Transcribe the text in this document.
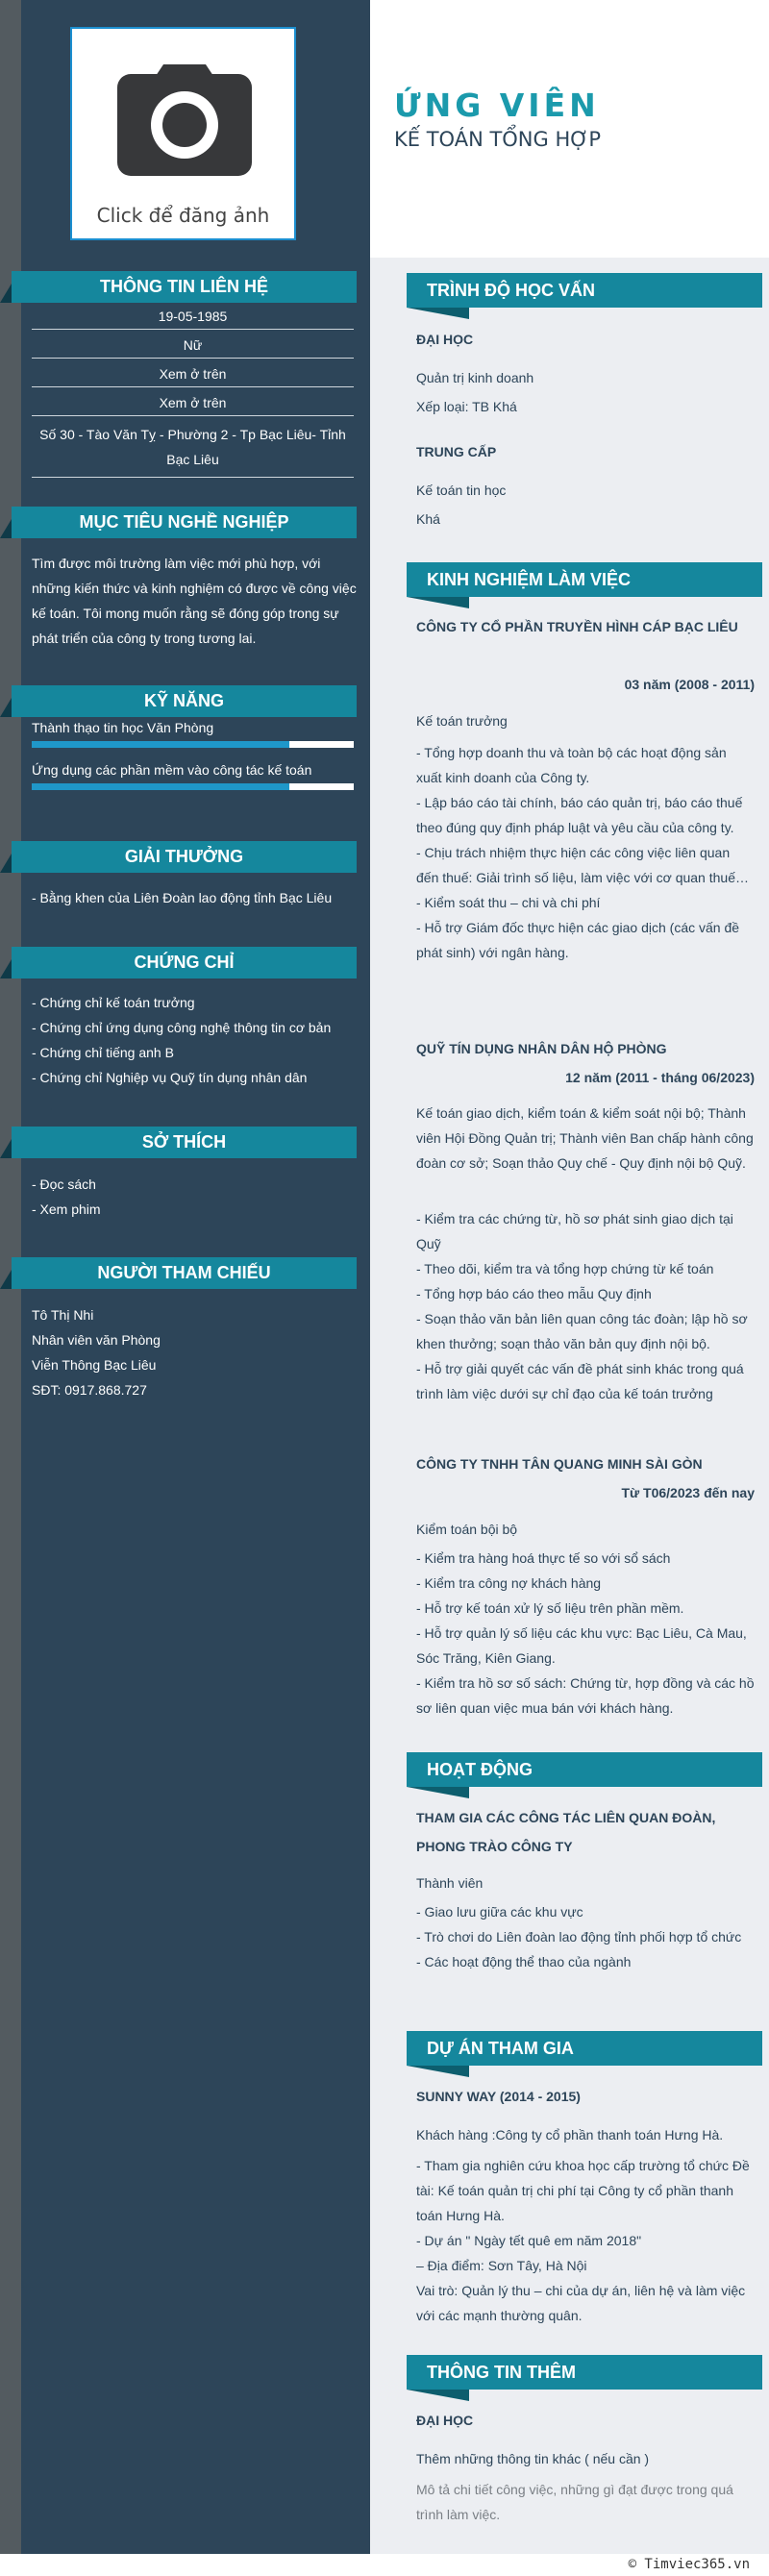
Click để đăng ảnh
THÔNG TIN LIÊN HỆ
19-05-1985
Nữ
Xem ở trên
Xem ở trên
Số 30 - Tào Văn Tỵ - Phường 2 - Tp Bạc Liêu- Tỉnh Bạc Liêu
MỤC TIÊU NGHỀ NGHIỆP
Tìm được môi trường làm việc mới phù hợp, với những kiến thức và kinh nghiệm có được về công việc kế toán. Tôi mong muốn rằng sẽ đóng góp trong sự phát triển của công ty trong tương lai.
KỸ NĂNG
Thành thạo tin học Văn Phòng
Ứng dụng các phần mềm vào công tác kế toán
GIẢI THƯỞNG
- Bằng khen của Liên Đoàn lao động tỉnh Bạc Liêu
CHỨNG CHỈ
- Chứng chỉ kế toán trưởng
- Chứng chỉ ứng dụng công nghệ thông tin cơ bản
- Chứng chỉ tiếng anh B
- Chứng chỉ Nghiệp vụ Quỹ tín dụng nhân dân
SỞ THÍCH
- Đọc sách
- Xem phim
NGƯỜI THAM CHIẾU
Tô Thị Nhi
Nhân viên văn Phòng
Viễn Thông Bạc Liêu
SĐT: 0917.868.727
ỨNG VIÊN
KẾ TOÁN TỔNG HỢP
TRÌNH ĐỘ HỌC VẤN
ĐẠI HỌC
Quản trị kinh doanh
Xếp loại: TB Khá
TRUNG CẤP
Kế toán tin học
Khá
KINH NGHIỆM LÀM VIỆC
CÔNG TY CỔ PHẦN TRUYỀN HÌNH CÁP BẠC LIÊU
03 năm (2008 - 2011)
Kế toán trưởng
- Tổng hợp doanh thu và toàn bộ các hoạt động sản xuất kinh doanh của Công ty.
- Lập báo cáo tài chính, báo cáo quản trị, báo cáo thuế theo đúng quy định pháp luật và yêu cầu của công ty.
- Chịu trách nhiệm thực hiện các công việc liên quan đến thuế: Giải trình số liệu, làm việc với cơ quan thuế…
- Kiểm soát thu – chi và chi phí
- Hỗ trợ Giám đốc thực hiện các giao dịch (các vấn đề phát sinh) với ngân hàng.
QUỸ TÍN DỤNG NHÂN DÂN HỘ PHÒNG
12 năm (2011 - tháng 06/2023)
Kế toán giao dịch, kiểm toán & kiểm soát nội bộ; Thành viên Hội Đồng Quản trị; Thành viên Ban chấp hành công đoàn cơ sở; Soạn thảo Quy chế - Quy định nội bộ Quỹ.
- Kiểm tra các chứng từ, hồ sơ phát sinh giao dịch tại Quỹ
- Theo dõi, kiểm tra và tổng hợp chứng từ kế toán
- Tổng hợp báo cáo theo mẫu Quy định
- Soạn thảo văn bản liên quan công tác đoàn; lập hồ sơ khen thưởng; soạn thảo văn bản quy định nội bộ.
- Hỗ trợ giải quyết các vấn đề phát sinh khác trong quá trình làm việc dưới sự chỉ đạo của kế toán trưởng
CÔNG TY TNHH TÂN QUANG MINH SÀI GÒN
Từ T06/2023 đến nay
Kiểm toán bội bộ
- Kiểm tra hàng hoá thực tế so với sổ sách
- Kiểm tra công nợ khách hàng
- Hỗ trợ kế toán xử lý số liệu trên phần mềm.
- Hỗ trợ quản lý số liệu các khu vực: Bạc Liêu, Cà Mau, Sóc Trăng, Kiên Giang.
- Kiểm tra hồ sơ số sách: Chứng từ, hợp đồng và các hồ sơ liên quan việc mua bán với khách hàng.
HOẠT ĐỘNG
THAM GIA CÁC CÔNG TÁC LIÊN QUAN ĐOÀN, PHONG TRÀO CÔNG TY
Thành viên
- Giao lưu giữa các khu vực
- Trò chơi do Liên đoàn lao động tỉnh phối hợp tổ chức
- Các hoạt động thể thao của ngành
DỰ ÁN THAM GIA
SUNNY WAY (2014 - 2015)
Khách hàng :Công ty cổ phần thanh toán Hưng Hà.
- Tham gia nghiên cứu khoa học cấp trường tổ chức Đề tài: Kế toán quản trị chi phí tại Công ty cổ phần thanh toán Hưng Hà.
- Dự án " Ngày tết quê em năm 2018"
– Địa điểm: Sơn Tây, Hà Nội
Vai trò: Quản lý thu – chi của dự án, liên hệ và làm việc với các mạnh thường quân.
THÔNG TIN THÊM
ĐẠI HỌC
Thêm những thông tin khác ( nếu cần )
Mô tả chi tiết công việc, những gì đạt được trong quá trình làm việc.
© Timviec365.vn
